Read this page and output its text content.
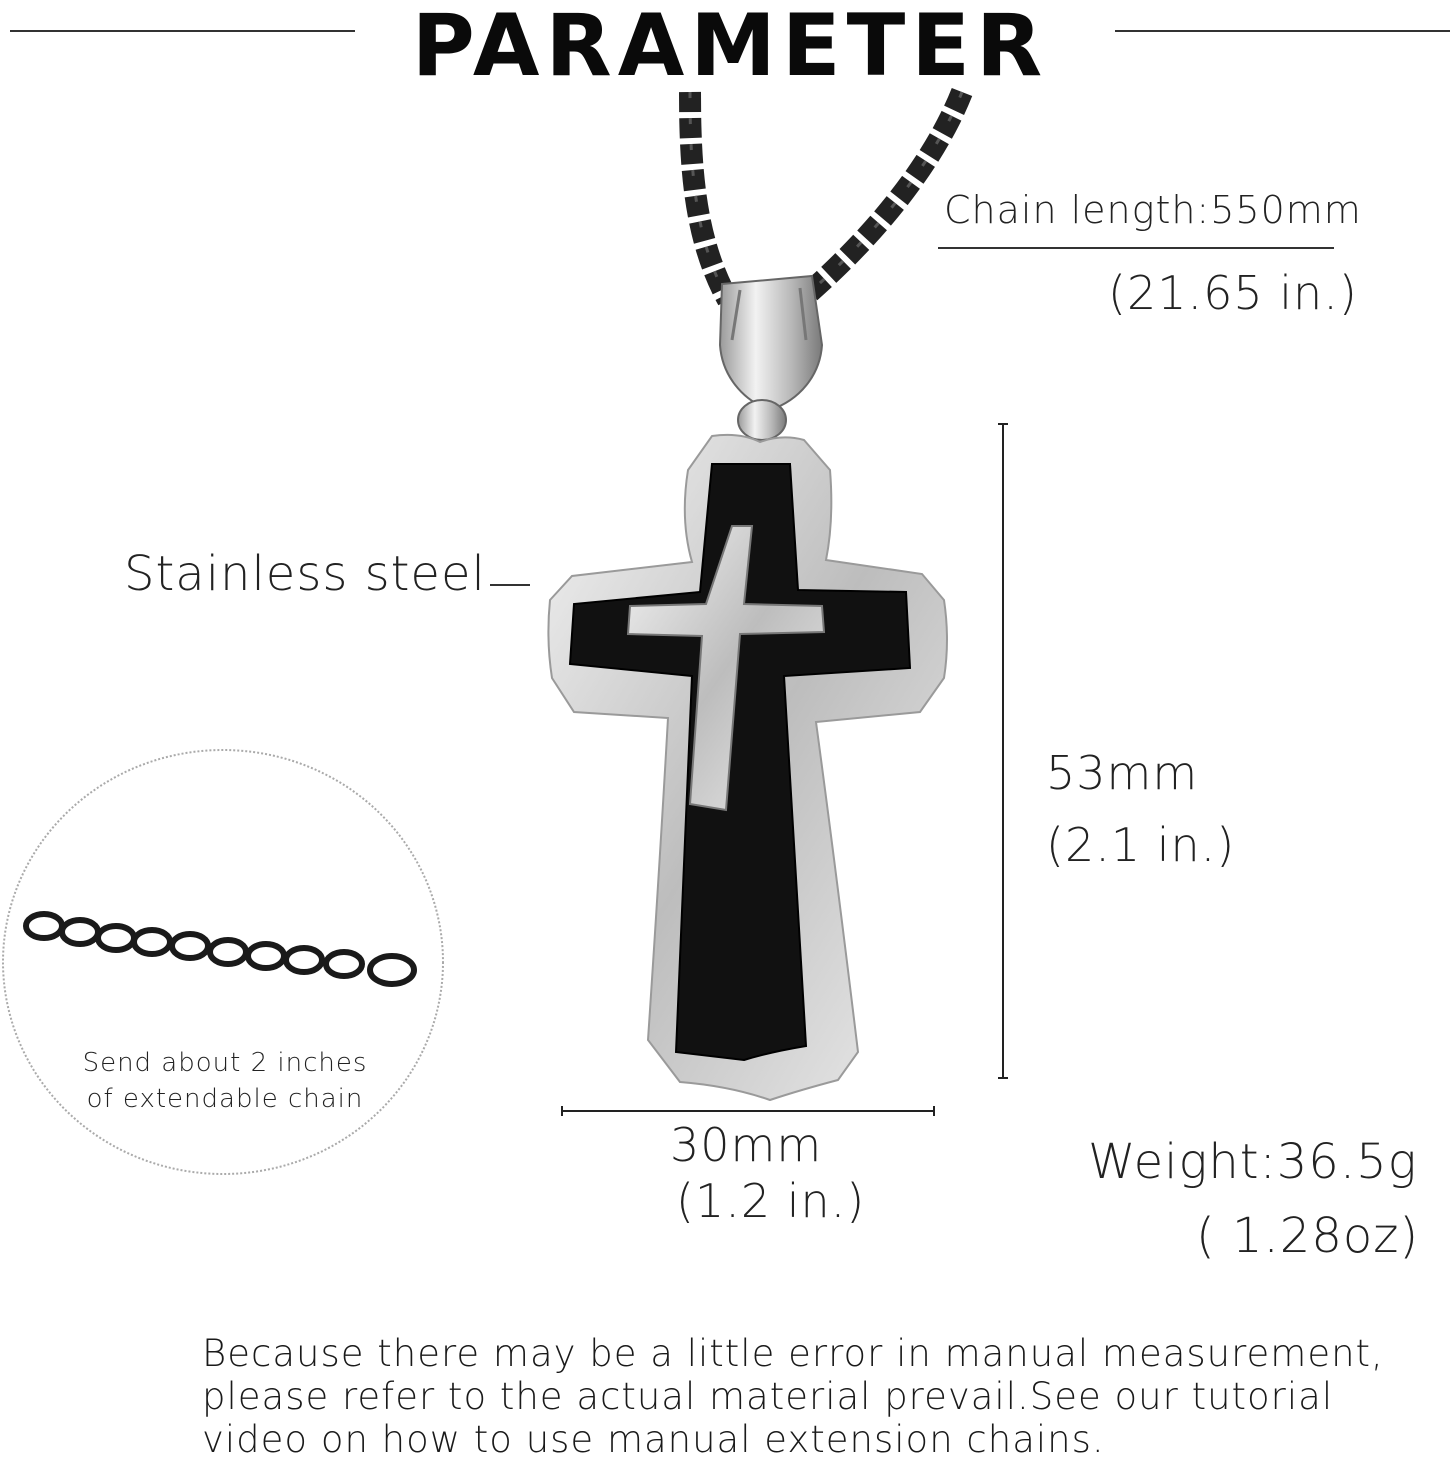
PARAMETER
Chain length:550mm
(21.65 in.)
Stainless steel
53mm
(2.1 in.)
30mm
(1.2 in.)
Weight:36.5g
( 1.28oz)
Send about 2 inches
of extendable chain
Because there may be a little error in manual measurement,
please refer to the actual material prevail.See our tutorial
video on how to use manual extension chains.
